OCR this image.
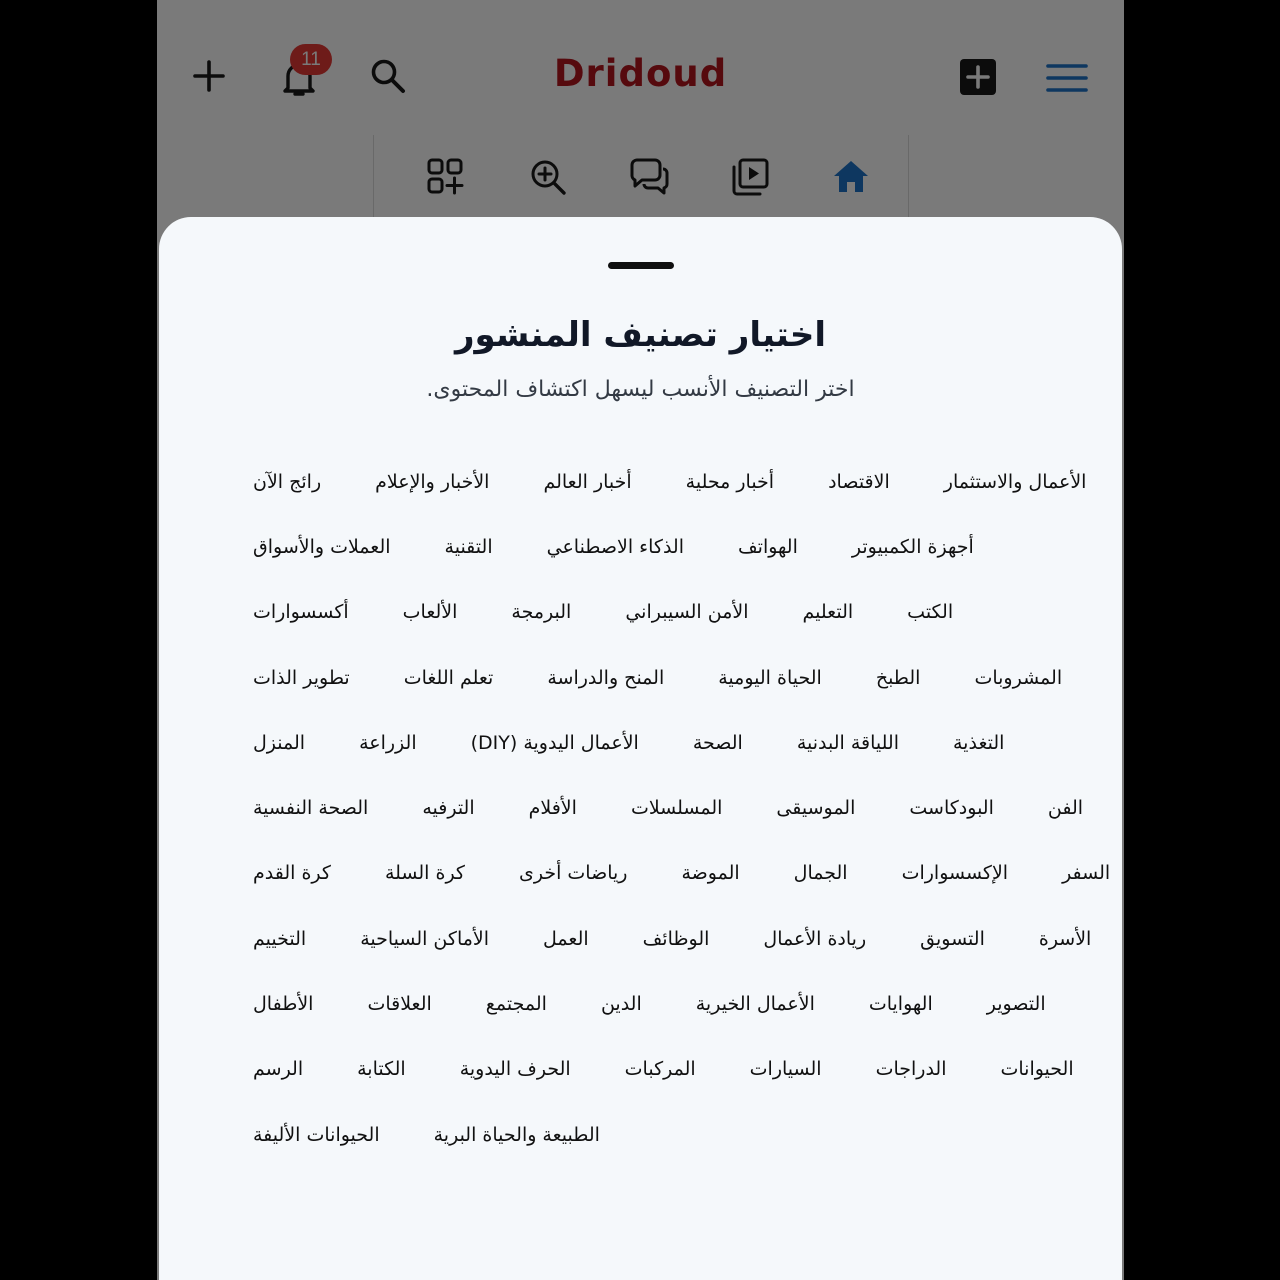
اختيار تصنيف المنشور
اختر التصنيف الأنسب ليسهل اكتشاف المحتوى.
رائج الآن	الأخبار والإعلام	أخبار العالم	أخبار محلية	الاقتصاد	الأعمال والاستثمار
العملات والأسواق	التقنية	الذكاء الاصطناعي	الهواتف	أجهزة الكمبيوتر
أكسسوارات	الألعاب	البرمجة	الأمن السيبراني	التعليم	الكتب
تطوير الذات	تعلم اللغات	المنح والدراسة	الحياة اليومية	الطبخ	المشروبات
المنزل	الزراعة	الأعمال اليدوية (DIY)	الصحة	اللياقة البدنية	التغذية
الصحة النفسية	الترفيه	الأفلام	المسلسلات	الموسيقى	البودكاست	الفن
كرة القدم	كرة السلة	رياضات أخرى	الموضة	الجمال	الإكسسوارات	السفر
التخييم	الأماكن السياحية	العمل	الوظائف	ريادة الأعمال	التسويق	الأسرة
الأطفال	العلاقات	المجتمع	الدين	الأعمال الخيرية	الهوايات	التصوير
الرسم	الكتابة	الحرف اليدوية	المركبات	السيارات	الدراجات	الحيوانات
الحيوانات الأليفة	الطبيعة والحياة البرية
